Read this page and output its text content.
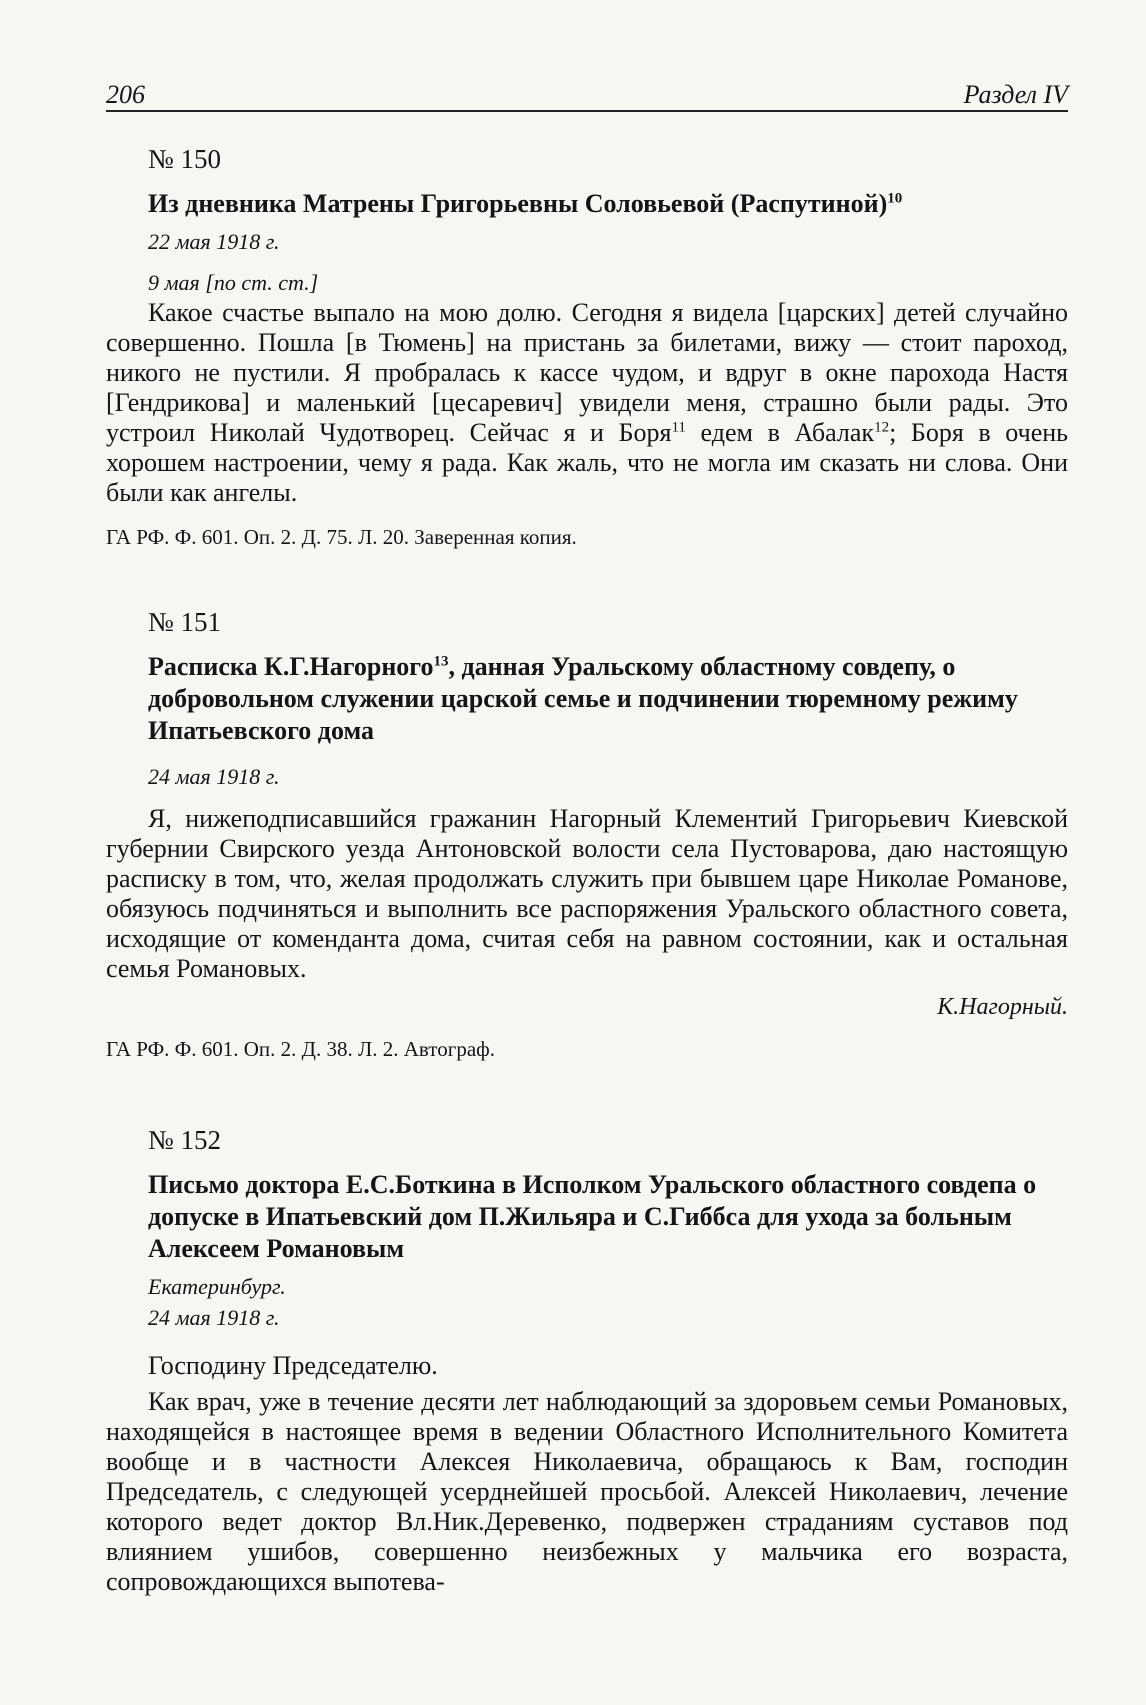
206	Раздел IV
№ 150
Из дневника Матрены Григорьевны Соловьевой (Распутиной)$^{10}$
22 мая 1918 г.
9 мая [по ст. ст.]

Какое счастье выпало на мою долю. Сегодня я видела [царских] детей случайно совершенно. Пошла [в Тюмень] на пристань за билетами, вижу — стоит пароход, никого не пустили. Я пробралась к кассе чудом, и вдруг в окне парохода Настя [Гендрикова] и маленький [цесаревич] увидели меня, страшно были рады. Это устроил Николай Чудотворец. Сейчас я и Боря$^{11}$ едем в Абалак$^{12}$; Боря в очень хорошем настроении, чему я рада. Как жаль, что не могла им сказать ни слова. Они были как ангелы.

ГА РФ. Ф. 601. Оп. 2. Д. 75. Л. 20. Заверенная копия.
№ 151
Расписка К.Г.Нагорного$^{13}$, данная Уральскому областному совдепу, о добровольном служении царской семье и подчинении тюремному режиму Ипатьевского дома
24 мая 1918 г.

Я, нижеподписавшийся гражанин Нагорный Клементий Григорьевич Киевской губернии Свирского уезда Антоновской волости села Пустоварова, даю настоящую расписку в том, что, желая продолжать служить при бывшем царе Николае Романове, обязуюсь подчиняться и выполнить все распоряжения Уральского областного совета, исходящие от коменданта дома, считая себя на равном состоянии, как и остальная семья Романовых.

К.Нагорный.
ГА РФ. Ф. 601. Оп. 2. Д. 38. Л. 2. Автограф.
№ 152
Письмо доктора Е.С.Боткина в Исполком Уральского областного совдепа о допуске в Ипатьевский дом П.Жильяра и С.Гиббса для ухода за больным Алексеем Романовым
Екатеринбург.
24 мая 1918 г.
Господину Председателю.

Как врач, уже в течение десяти лет наблюдающий за здоровьем семьи Романовых, находящейся в настоящее время в ведении Областного Исполнительного Комитета вообще и в частности Алексея Николаевича, обращаюсь к Вам, господин Председатель, с следующей усерднейшей просьбой. Алексей Николаевич, лечение которого ведет доктор Вл.Ник.Деревенко, подвержен страданиям суставов под влиянием ушибов, совершенно неизбежных у мальчика его возраста, сопровождающихся выпотева-
